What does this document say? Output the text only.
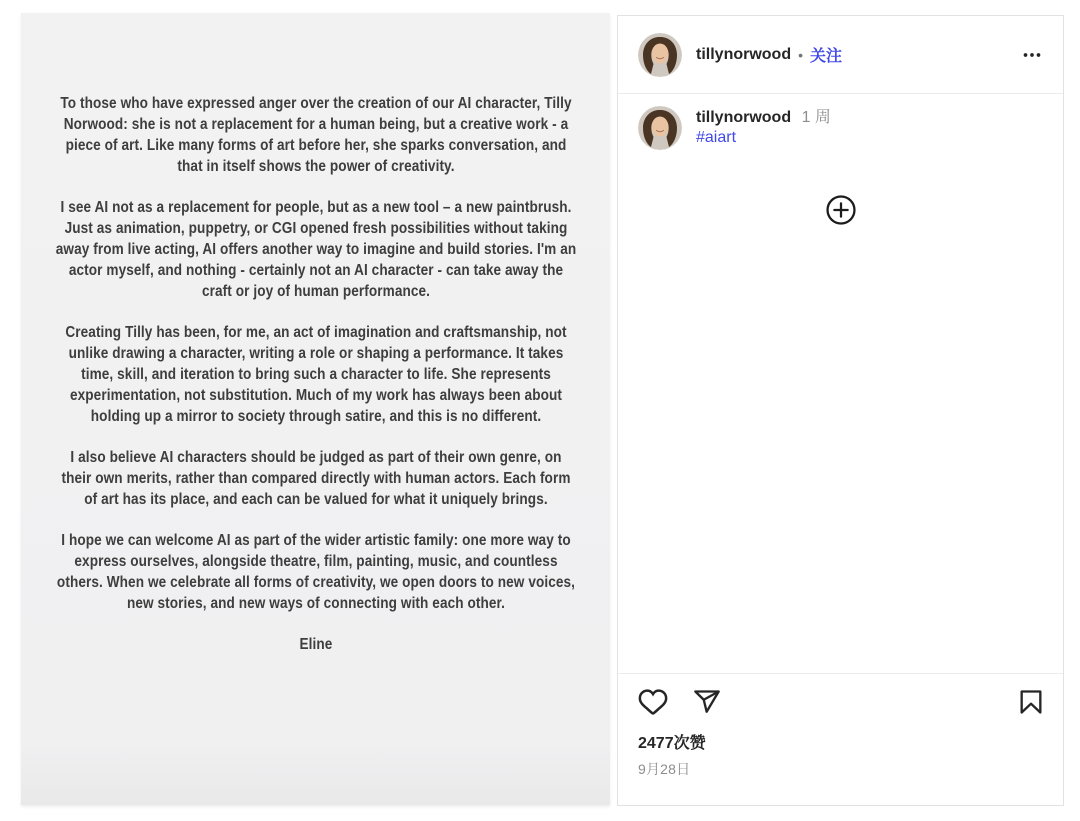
To those who have expressed anger over the creation of our AI character, Tilly Norwood: she is not a replacement for a human being, but a creative work - a piece of art. Like many forms of art before her, she sparks conversation, and that in itself shows the power of creativity.

I see AI not as a replacement for people, but as a new tool – a new paintbrush. Just as animation, puppetry, or CGI opened fresh possibilities without taking away from live acting, AI offers another way to imagine and build stories. I'm an actor myself, and nothing - certainly not an AI character - can take away the craft or joy of human performance.

Creating Tilly has been, for me, an act of imagination and craftsmanship, not unlike drawing a character, writing a role or shaping a performance. It takes time, skill, and iteration to bring such a character to life. She represents experimentation, not substitution. Much of my work has always been about holding up a mirror to society through satire, and this is no different.

I also believe AI characters should be judged as part of their own genre, on their own merits, rather than compared directly with human actors. Each form of art has its place, and each can be valued for what it uniquely brings.

I hope we can welcome AI as part of the wider artistic family: one more way to express ourselves, alongside theatre, film, painting, music, and countless others. When we celebrate all forms of creativity, we open doors to new voices, new stories, and new ways of connecting with each other.

Eline

tillynorwood • 关注
tillynorwood 1 周
#aiart
2477次赞
9月28日
